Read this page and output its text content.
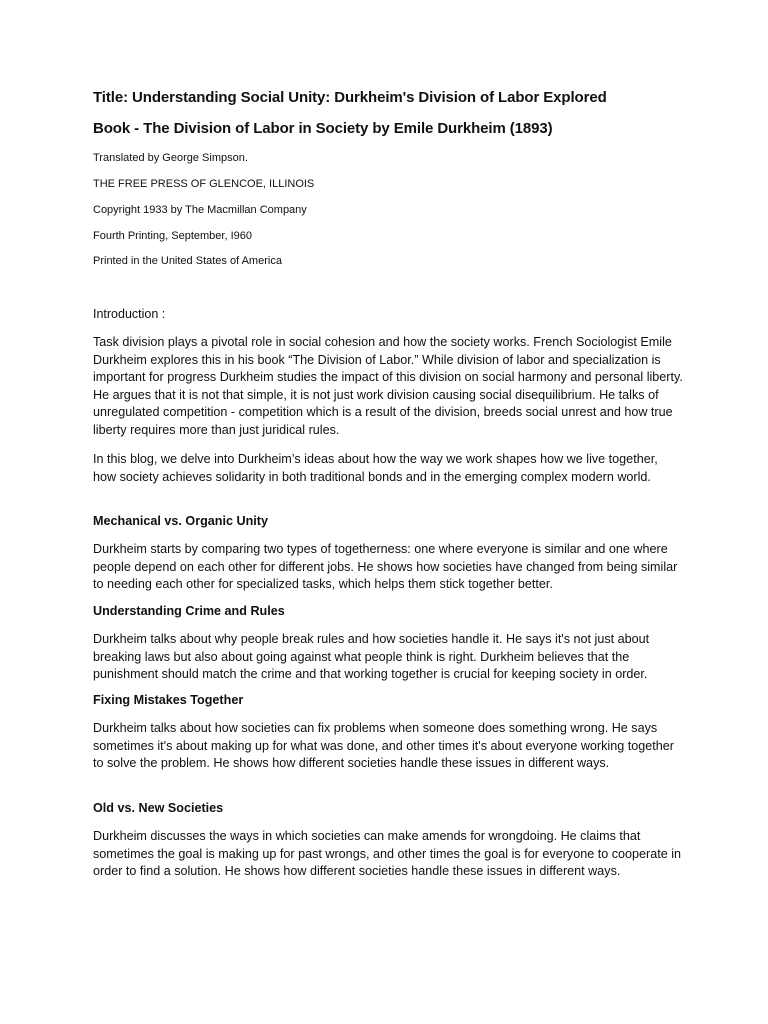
Title: Understanding Social Unity: Durkheim's Division of Labor Explored
Book - The Division of Labor in Society by Emile Durkheim (1893)
Translated by George Simpson.
THE FREE PRESS OF GLENCOE, ILLINOIS
Copyright 1933 by The Macmillan Company
Fourth Printing, September, I960
Printed in the United States of America
Introduction :

Task division plays a pivotal role in social cohesion and how the society works. French Sociologist Emile Durkheim explores this in his book “The Division of Labor.” While division of labor and specialization is important for progress Durkheim studies the impact of this division on social harmony and personal liberty. He argues that it is not that simple, it is not just work division causing social disequilibrium. He talks of unregulated competition - competition which is a result of the division, breeds social unrest and how true liberty requires more than just juridical rules.

In this blog, we delve into Durkheim’s ideas about how the way we work shapes how we live together, how society achieves solidarity in both traditional bonds and in the emerging complex modern world.

Mechanical vs. Organic Unity

Durkheim starts by comparing two types of togetherness: one where everyone is similar and one where people depend on each other for different jobs. He shows how societies have changed from being similar to needing each other for specialized tasks, which helps them stick together better.

Understanding Crime and Rules

Durkheim talks about why people break rules and how societies handle it. He says it's not just about breaking laws but also about going against what people think is right. Durkheim believes that the punishment should match the crime and that working together is crucial for keeping society in order.

Fixing Mistakes Together

Durkheim talks about how societies can fix problems when someone does something wrong. He says sometimes it's about making up for what was done, and other times it's about everyone working together to solve the problem. He shows how different societies handle these issues in different ways.

Old vs. New Societies

Durkheim discusses the ways in which societies can make amends for wrongdoing. He claims that sometimes the goal is making up for past wrongs, and other times the goal is for everyone to cooperate in order to find a solution. He shows how different societies handle these issues in different ways.
